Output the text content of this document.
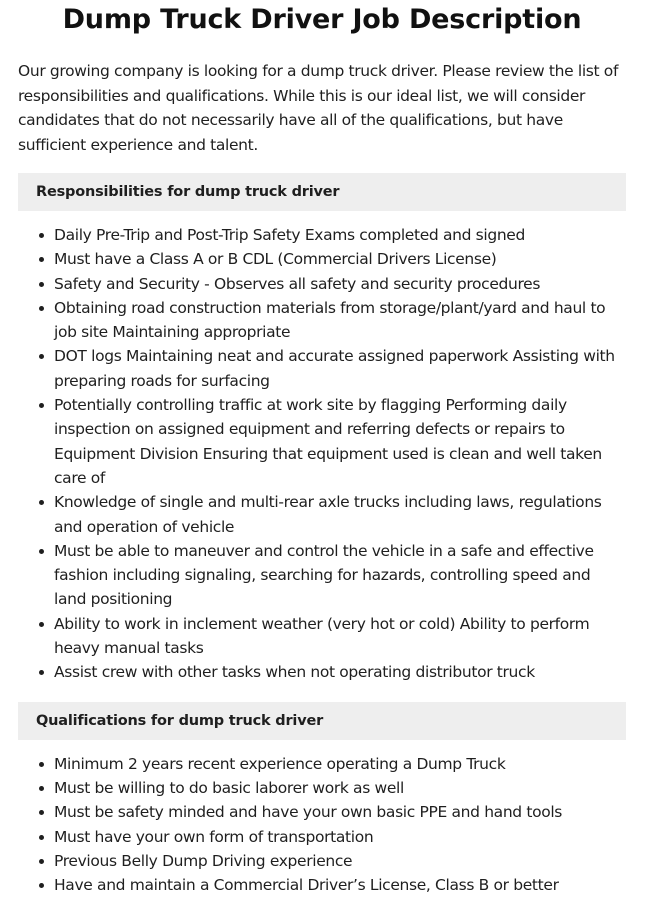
Dump Truck Driver Job Description

Our growing company is looking for a dump truck driver. Please review the list of responsibilities and qualifications. While this is our ideal list, we will consider candidates that do not necessarily have all of the qualifications, but have sufficient experience and talent.

Responsibilities for dump truck driver
Daily Pre-Trip and Post-Trip Safety Exams completed and signed
Must have a Class A or B CDL (Commercial Drivers License)
Safety and Security - Observes all safety and security procedures
Obtaining road construction materials from storage/plant/yard and haul to job site Maintaining appropriate
DOT logs Maintaining neat and accurate assigned paperwork Assisting with preparing roads for surfacing
Potentially controlling traffic at work site by flagging Performing daily inspection on assigned equipment and referring defects or repairs to Equipment Division Ensuring that equipment used is clean and well taken care of
Knowledge of single and multi-rear axle trucks including laws, regulations and operation of vehicle
Must be able to maneuver and control the vehicle in a safe and effective fashion including signaling, searching for hazards, controlling speed and land positioning
Ability to work in inclement weather (very hot or cold) Ability to perform heavy manual tasks
Assist crew with other tasks when not operating distributor truck
Qualifications for dump truck driver
Minimum 2 years recent experience operating a Dump Truck
Must be willing to do basic laborer work as well
Must be safety minded and have your own basic PPE and hand tools
Must have your own form of transportation
Previous Belly Dump Driving experience
Have and maintain a Commercial Driver’s License, Class B or better
